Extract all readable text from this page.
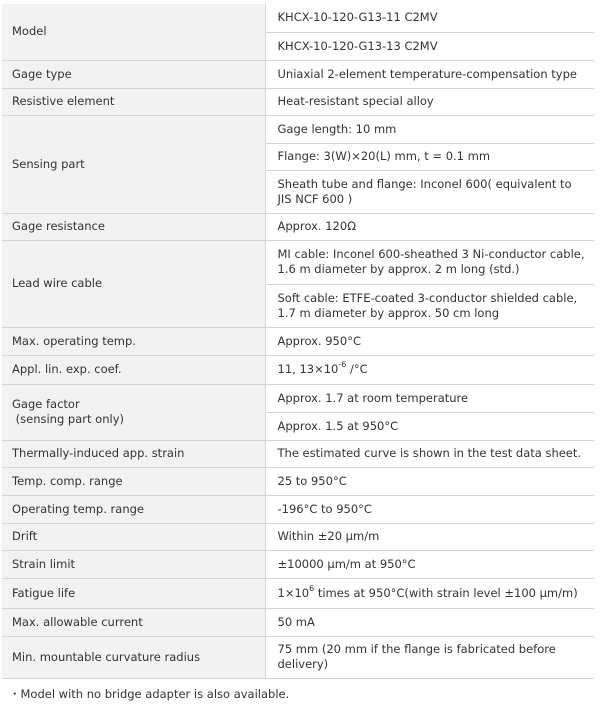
Model	KHCX-10-120-G13-11 C2MV
	KHCX-10-120-G13-13 C2MV
Gage type	Uniaxial 2-element temperature-compensation type
Resistive element	Heat-resistant special alloy
Sensing part	Gage length: 10 mm
	Flange: 3(W)×20(L) mm, t = 0.1 mm
	Sheath tube and flange: Inconel 600( equivalent to JIS NCF 600 )
Gage resistance	Approx. 120Ω
Lead wire cable	MI cable: Inconel 600-sheathed 3 Ni-conductor cable, 1.6 m diameter by approx. 2 m long (std.)
	Soft cable: ETFE-coated 3-conductor shielded cable, 1.7 m diameter by approx. 50 cm long
Max. operating temp.	Approx. 950°C
Appl. lin. exp. coef.	11, $13\times 10^{-6}$ /°C
Gage factor
(sensing part only)	Approx. 1.7 at room temperature
	Approx. 1.5 at 950°C
Thermally-induced app. strain	The estimated curve is shown in the test data sheet.
Temp. comp. range	25 to 950°C
Operating temp. range	-196°C to 950°C
Drift	Within ±20 μm/m
Strain limit	±10000 μm/m at 950°C
Fatigue life	$1\times 10^6$ times at 950°C(with strain level ±100 μm/m)
Max. allowable current	50 mA
Min. mountable curvature radius	75 mm (20 mm if the flange is fabricated before delivery)
・Model with no bridge adapter is also available.
